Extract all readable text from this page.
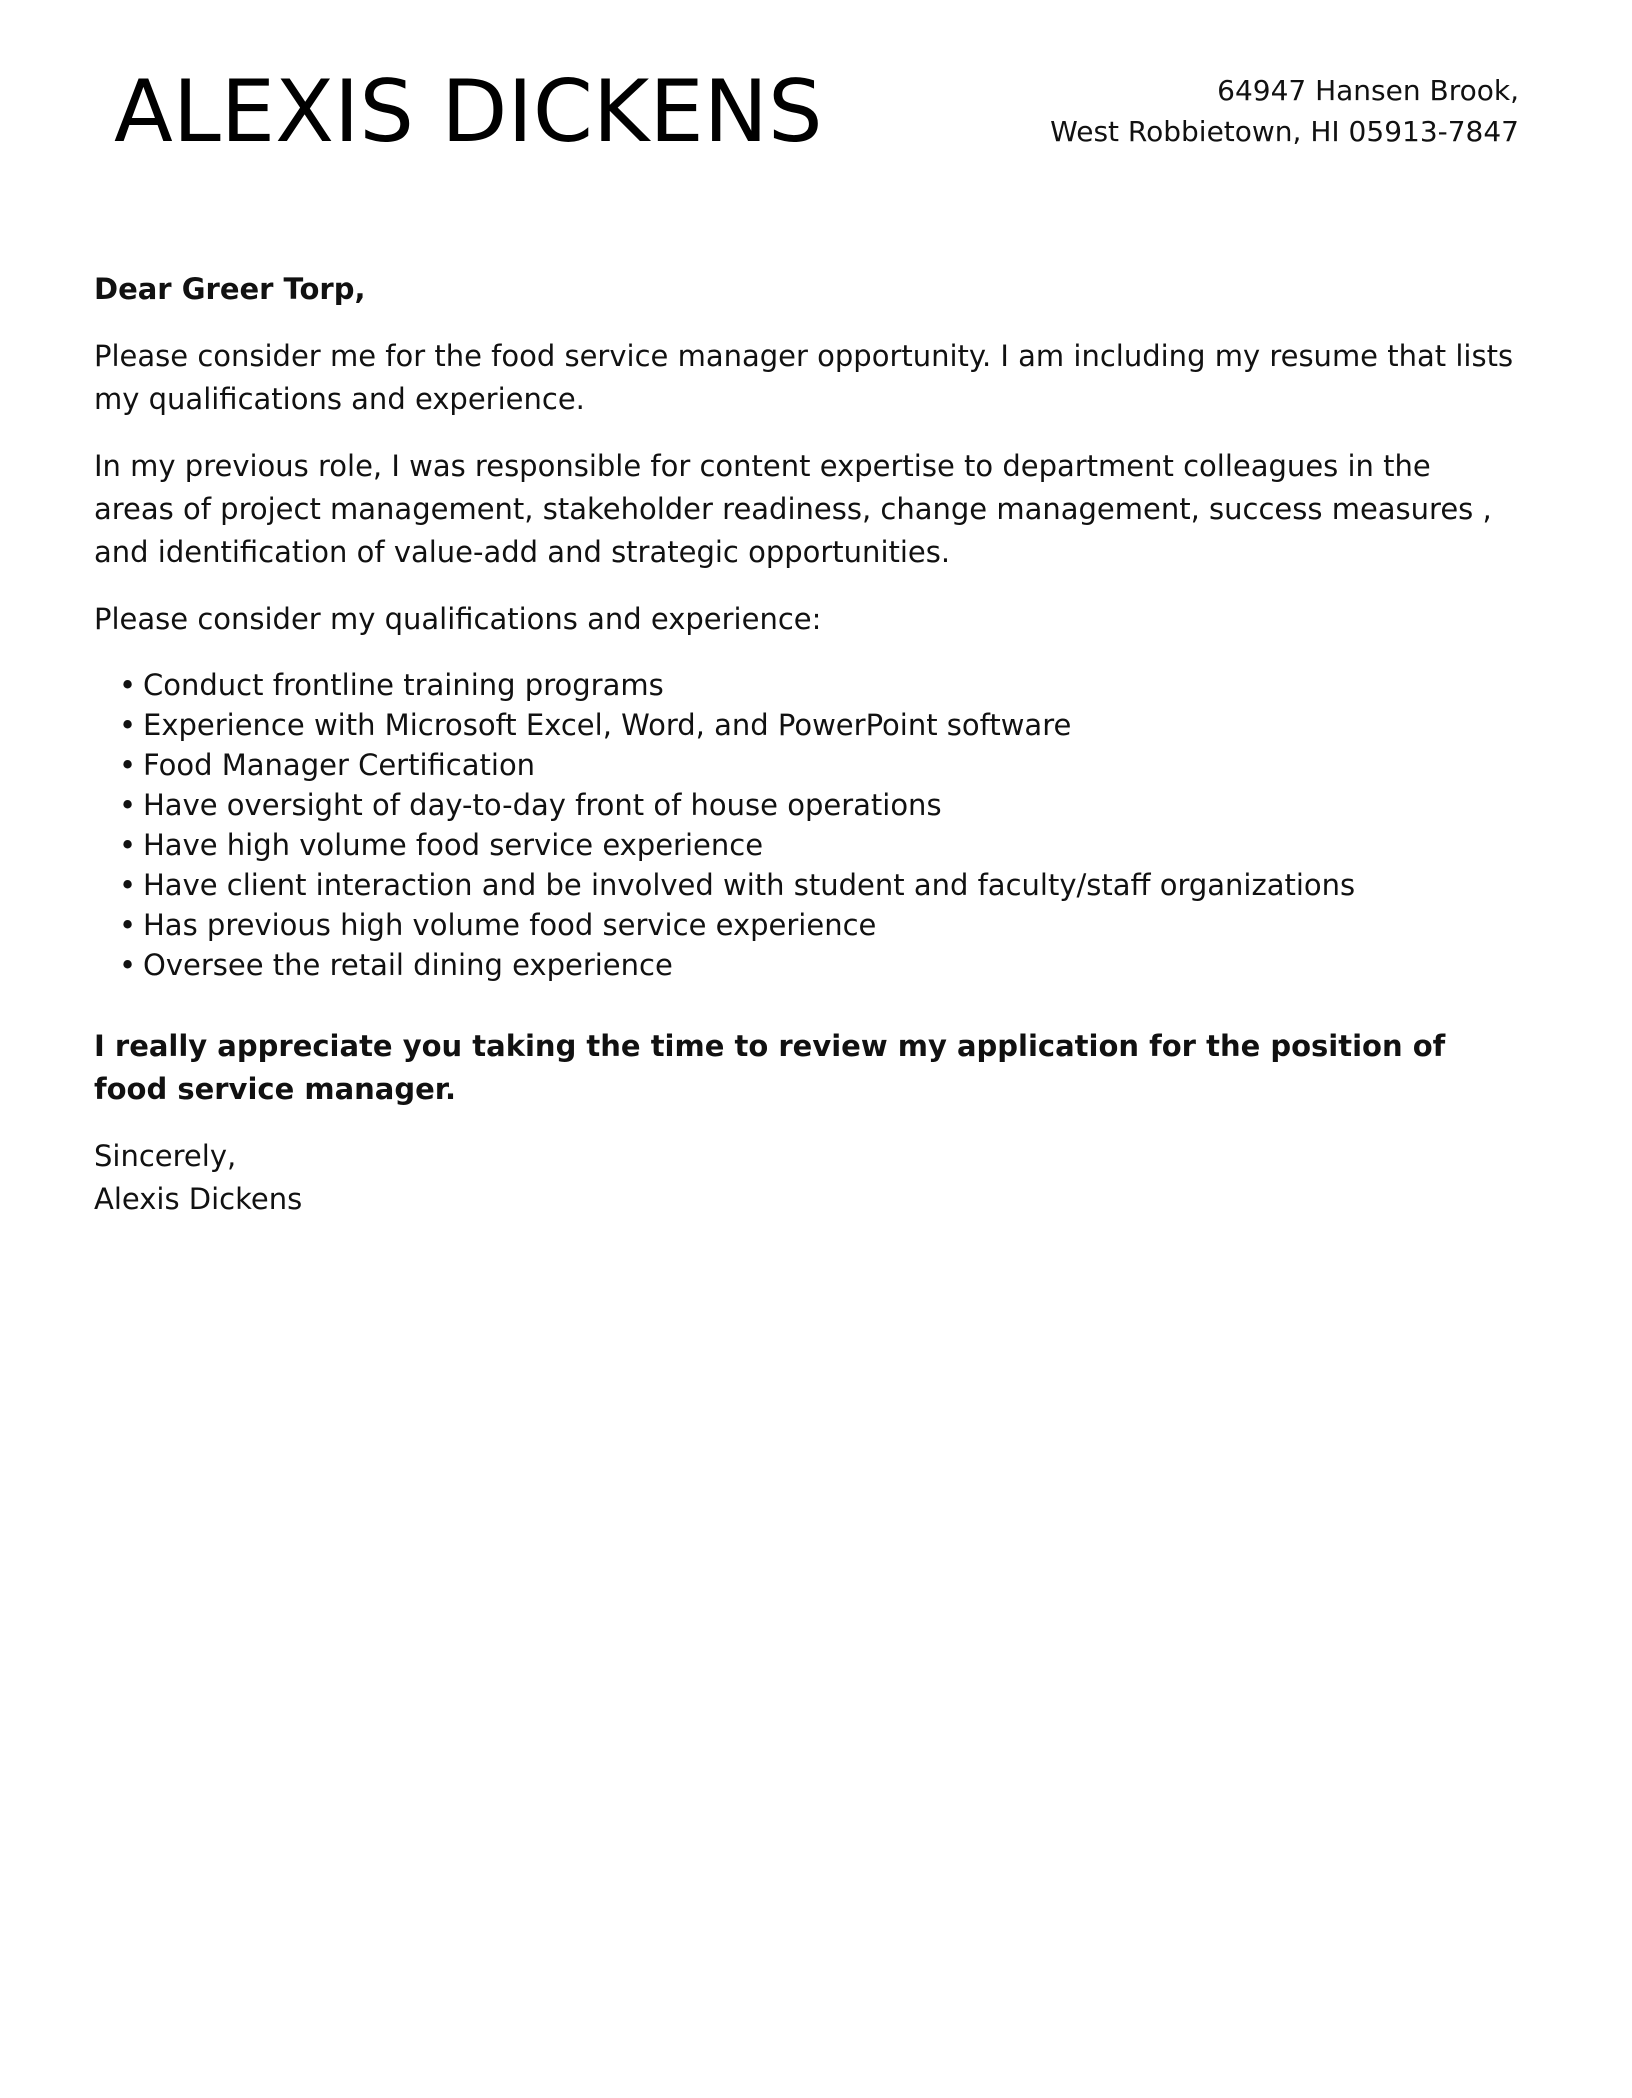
ALEXIS DICKENS	64947 Hansen Brook,
West Robbietown, HI 05913-7847

Dear Greer Torp,

Please consider me for the food service manager opportunity. I am including my resume that lists my qualifications and experience.

In my previous role, I was responsible for content expertise to department colleagues in the areas of project management, stakeholder readiness, change management, success measures , and identification of value-add and strategic opportunities.

Please consider my qualifications and experience:

• Conduct frontline training programs
• Experience with Microsoft Excel, Word, and PowerPoint software
• Food Manager Certification
• Have oversight of day-to-day front of house operations
• Have high volume food service experience
• Have client interaction and be involved with student and faculty/staff organizations
• Has previous high volume food service experience
• Oversee the retail dining experience

I really appreciate you taking the time to review my application for the position of food service manager.

Sincerely,
Alexis Dickens
